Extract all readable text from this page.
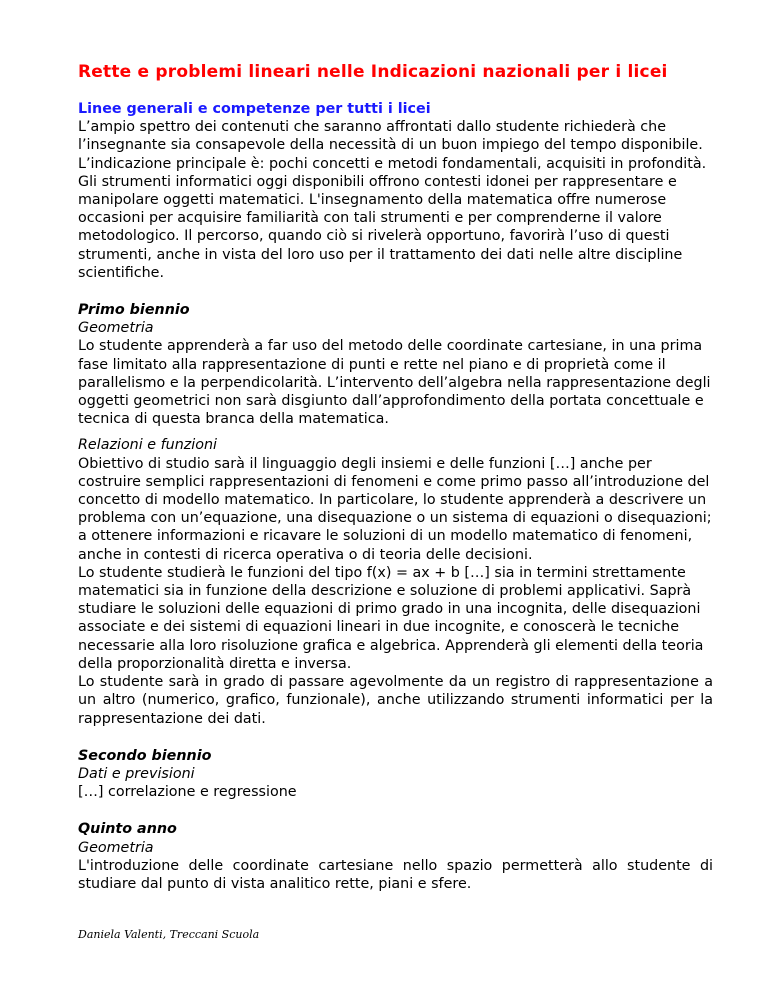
Rette e problemi lineari nelle Indicazioni nazionali per i licei
Linee generali e competenze per tutti i licei
L’ampio spettro dei contenuti che saranno affrontati dallo studente richiederà che l’insegnante sia consapevole della necessità di un buon impiego del tempo disponibile. L’indicazione principale è: pochi concetti e metodi fondamentali, acquisiti in profondità.
Gli strumenti informatici oggi disponibili offrono contesti idonei per rappresentare e manipolare oggetti matematici. L'insegnamento della matematica offre numerose occasioni per acquisire familiarità con tali strumenti e per comprenderne il valore metodologico. Il percorso, quando ciò si rivelerà opportuno, favorirà l’uso di questi strumenti, anche in vista del loro uso per il trattamento dei dati nelle altre discipline scientifiche.
Primo biennio
Geometria
Lo studente apprenderà a far uso del metodo delle coordinate cartesiane, in una prima fase limitato alla rappresentazione di punti e rette nel piano e di proprietà come il parallelismo e la perpendicolarità. L’intervento dell’algebra nella rappresentazione degli oggetti geometrici non sarà disgiunto dall’approfondimento della portata concettuale e tecnica di questa branca della matematica.
Relazioni e funzioni
Obiettivo di studio sarà il linguaggio degli insiemi e delle funzioni […] anche per costruire semplici rappresentazioni di fenomeni e come primo passo all’introduzione del concetto di modello matematico. In particolare, lo studente apprenderà a descrivere un problema con un’equazione, una disequazione o un sistema di equazioni o disequazioni; a ottenere informazioni e ricavare le soluzioni di un modello matematico di fenomeni, anche in contesti di ricerca operativa o di teoria delle decisioni.
Lo studente studierà le funzioni del tipo f(x) = ax + b […] sia in termini strettamente matematici sia in funzione della descrizione e soluzione di problemi applicativi. Saprà studiare le soluzioni delle equazioni di primo grado in una incognita, delle disequazioni associate e dei sistemi di equazioni lineari in due incognite, e conoscerà le tecniche necessarie alla loro risoluzione grafica e algebrica. Apprenderà gli elementi della teoria della proporzionalità diretta e inversa.
Lo studente sarà in grado di passare agevolmente da un registro di rappresentazione a un altro (numerico, grafico, funzionale), anche utilizzando strumenti informatici per la rappresentazione dei dati.
Secondo biennio
Dati e previsioni
[…] correlazione e regressione
Quinto anno
Geometria
L'introduzione delle coordinate cartesiane nello spazio permetterà allo studente di studiare dal punto di vista analitico rette, piani e sfere.
Daniela Valenti, Treccani Scuola
